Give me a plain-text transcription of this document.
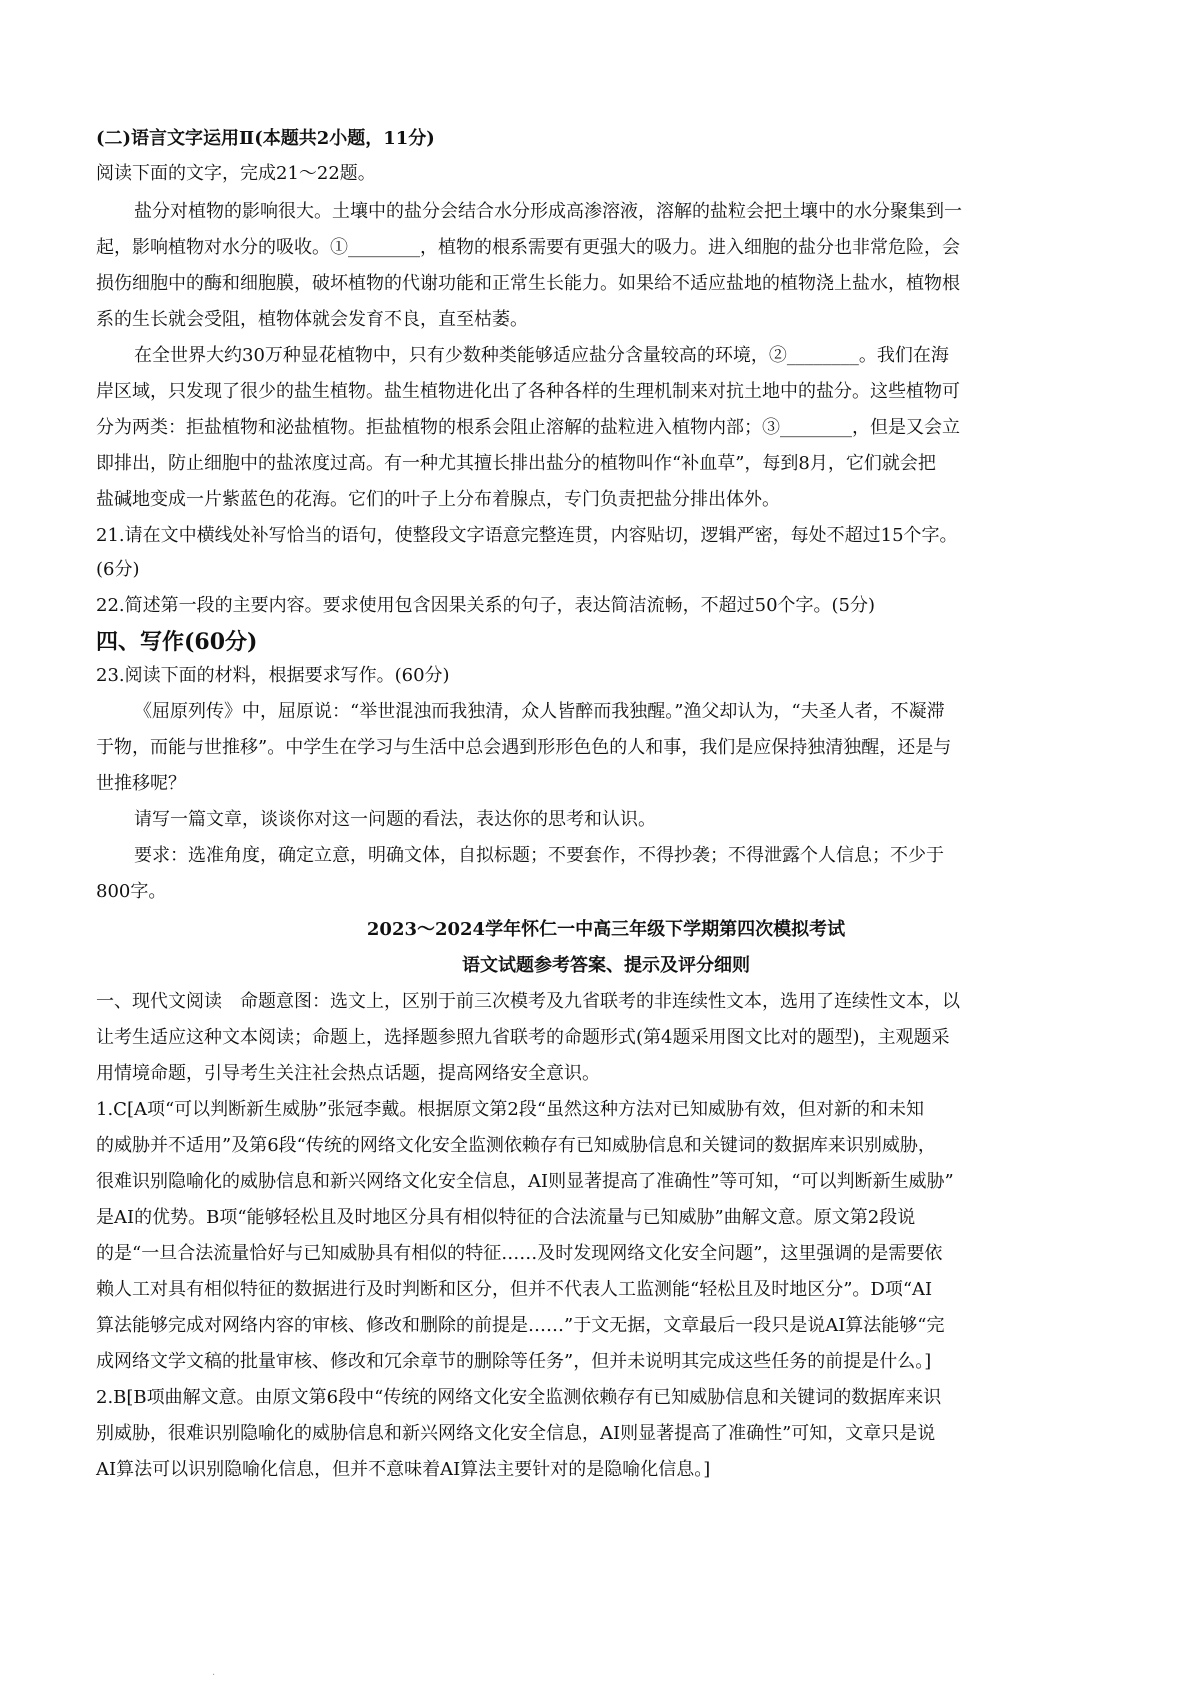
(二)语言文字运用Ⅱ(本题共2小题，11分)
阅读下面的文字，完成21～22题。
盐分对植物的影响很大。土壤中的盐分会结合水分形成高渗溶液，溶解的盐粒会把土壤中的水分聚集到一
起，影响植物对水分的吸收。①________，植物的根系需要有更强大的吸力。进入细胞的盐分也非常危险，会
损伤细胞中的酶和细胞膜，破坏植物的代谢功能和正常生长能力。如果给不适应盐地的植物浇上盐水，植物根
系的生长就会受阻，植物体就会发育不良，直至枯萎。
在全世界大约30万种显花植物中，只有少数种类能够适应盐分含量较高的环境，②________。我们在海
岸区域，只发现了很少的盐生植物。盐生植物进化出了各种各样的生理机制来对抗土地中的盐分。这些植物可
分为两类：拒盐植物和泌盐植物。拒盐植物的根系会阻止溶解的盐粒进入植物内部；③________，但是又会立
即排出，防止细胞中的盐浓度过高。有一种尤其擅长排出盐分的植物叫作“补血草”，每到8月，它们就会把
盐碱地变成一片紫蓝色的花海。它们的叶子上分布着腺点，专门负责把盐分排出体外。
21.请在文中横线处补写恰当的语句，使整段文字语意完整连贯，内容贴切，逻辑严密，每处不超过15个字。
(6分)
22.简述第一段的主要内容。要求使用包含因果关系的句子，表达简洁流畅，不超过50个字。(5分)
四、写作(60分)
23.阅读下面的材料，根据要求写作。(60分)
《屈原列传》中，屈原说：“举世混浊而我独清，众人皆醉而我独醒。”渔父却认为，“夫圣人者，不凝滞
于物，而能与世推移”。中学生在学习与生活中总会遇到形形色色的人和事，我们是应保持独清独醒，还是与
世推移呢？
请写一篇文章，谈谈你对这一问题的看法，表达你的思考和认识。
要求：选准角度，确定立意，明确文体，自拟标题；不要套作，不得抄袭；不得泄露个人信息；不少于
800字。
2023～2024学年怀仁一中高三年级下学期第四次模拟考试
语文试题参考答案、提示及评分细则
一、现代文阅读　命题意图：选文上，区别于前三次模考及九省联考的非连续性文本，选用了连续性文本，以
让考生适应这种文本阅读；命题上，选择题参照九省联考的命题形式(第4题采用图文比对的题型)，主观题采
用情境命题，引导考生关注社会热点话题，提高网络安全意识。
1.C[A项“可以判断新生威胁”张冠李戴。根据原文第2段“虽然这种方法对已知威胁有效，但对新的和未知
的威胁并不适用”及第6段“传统的网络文化安全监测依赖存有已知威胁信息和关键词的数据库来识别威胁，
很难识别隐喻化的威胁信息和新兴网络文化安全信息，AI则显著提高了准确性”等可知，“可以判断新生威胁”
是AI的优势。B项“能够轻松且及时地区分具有相似特征的合法流量与已知威胁”曲解文意。原文第2段说
的是“一旦合法流量恰好与已知威胁具有相似的特征……及时发现网络文化安全问题”，这里强调的是需要依
赖人工对具有相似特征的数据进行及时判断和区分，但并不代表人工监测能“轻松且及时地区分”。D项“AI
算法能够完成对网络内容的审核、修改和删除的前提是……”于文无据，文章最后一段只是说AI算法能够“完
成网络文学文稿的批量审核、修改和冗余章节的删除等任务”，但并未说明其完成这些任务的前提是什么。]
2.B[B项曲解文意。由原文第6段中“传统的网络文化安全监测依赖存有已知威胁信息和关键词的数据库来识
别威胁，很难识别隐喻化的威胁信息和新兴网络文化安全信息，AI则显著提高了准确性”可知，文章只是说
AI算法可以识别隐喻化信息，但并不意味着AI算法主要针对的是隐喻化信息。]
·
